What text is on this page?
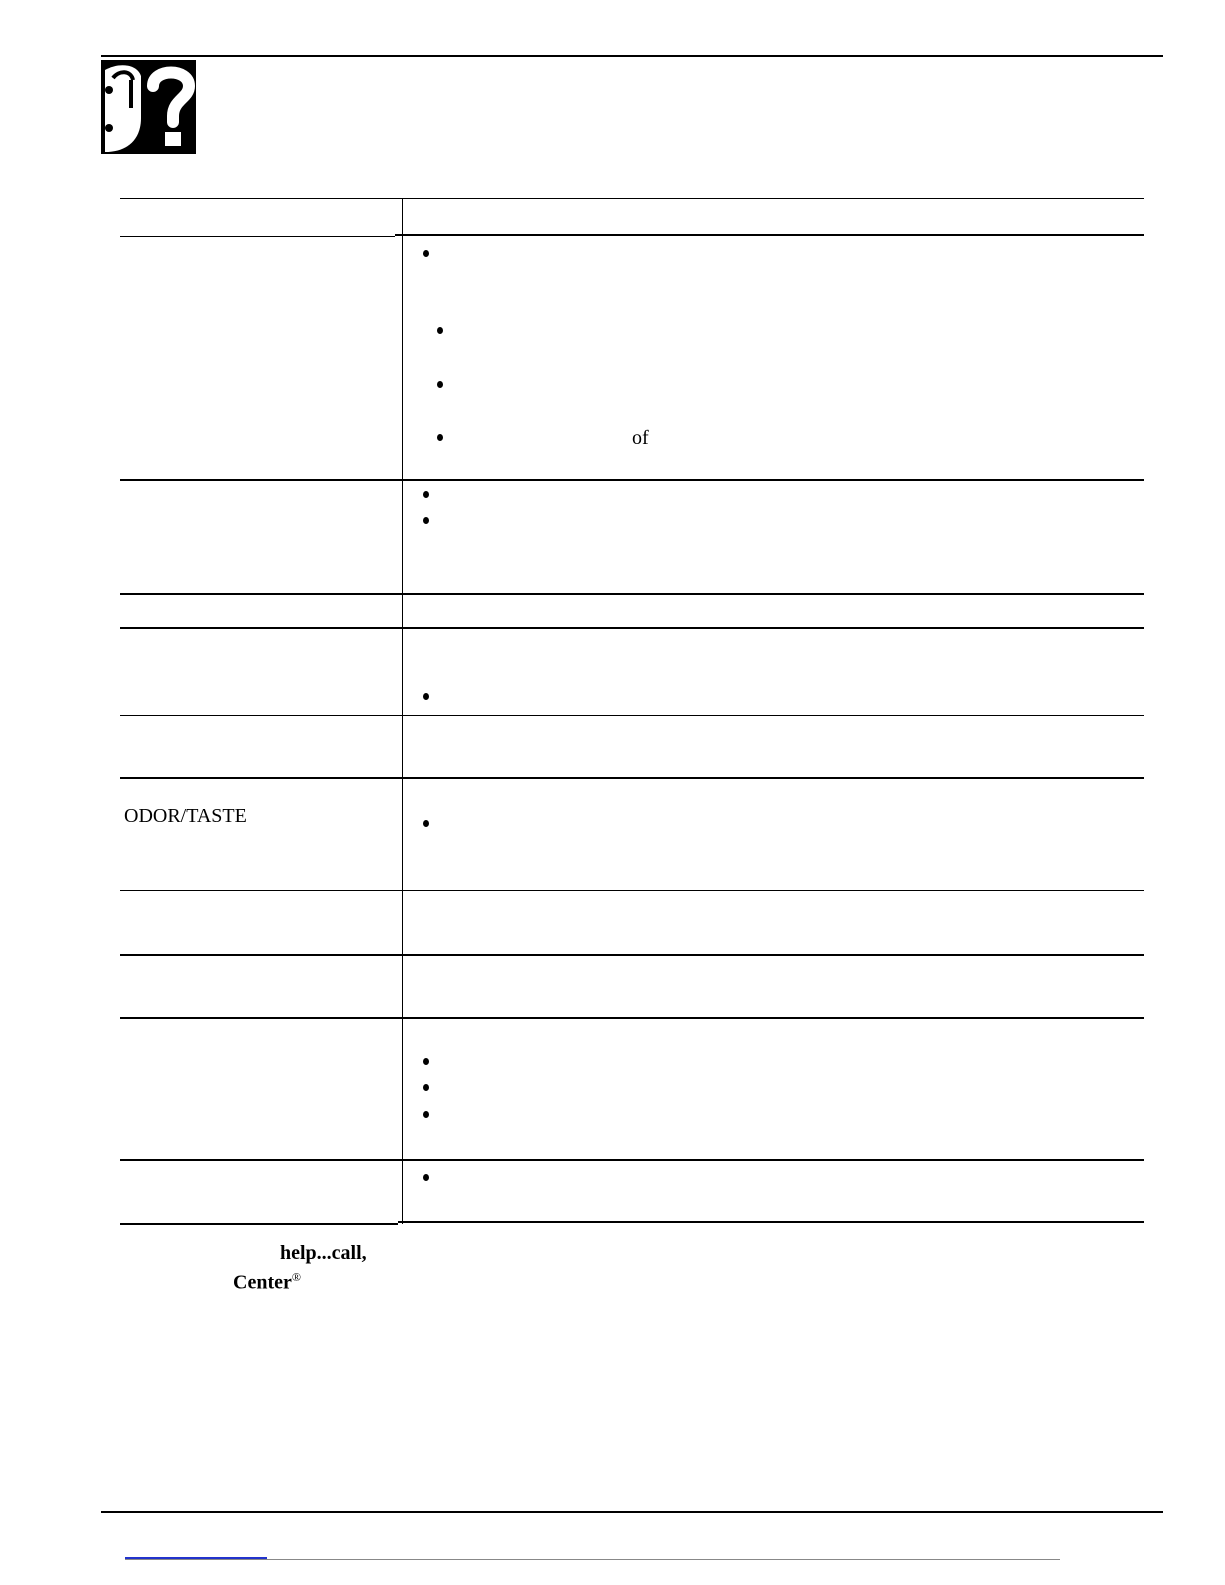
of
ODOR/TASTE
help...call,
Center®
